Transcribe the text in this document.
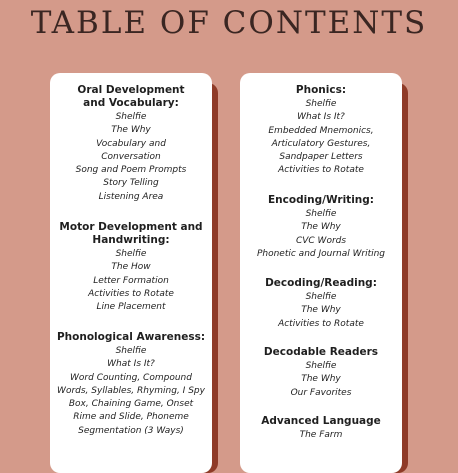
TABLE OF CONTENTS
Oral Development and Vocabulary:
Shelfie
The Why
Vocabulary and
Conversation
Song and Poem Prompts
Story Telling
Listening Area
Motor Development and Handwriting:
Shelfie
The How
Letter Formation
Activities to Rotate
Line Placement
Phonological Awareness:
Shelfie
What Is It?
Word Counting, Compound Words, Syllables, Rhyming, I Spy Box, Chaining Game, Onset Rime and Slide, Phoneme Segmentation (3 Ways)
Phonics:
Shelfie
What Is It?
Embedded Mnemonics,
Articulatory Gestures,
Sandpaper Letters
Activities to Rotate
Encoding/Writing:
Shelfie
The Why
CVC Words
Phonetic and Journal Writing
Decoding/Reading:
Shelfie
The Why
Activities to Rotate
Decodable Readers
Shelfie
The Why
Our Favorites
Advanced Language
The Farm
